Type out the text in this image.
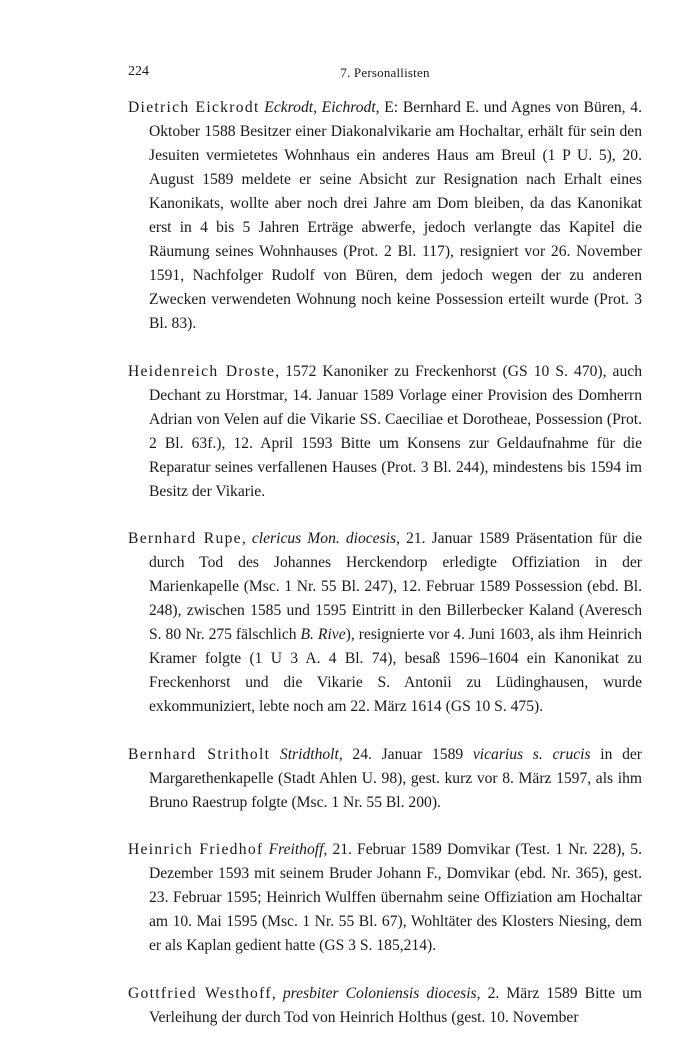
224	7. Personallisten

Dietrich Eickrodt Eckrodt, Eichrodt, E: Bernhard E. und Agnes von Büren, 4. Oktober 1588 Besitzer einer Diakonalvikarie am Hochaltar, erhält für sein den Jesuiten vermietetes Wohnhaus ein anderes Haus am Breul (1 P U. 5), 20. August 1589 meldete er seine Absicht zur Resignation nach Erhalt eines Kanonikats, wollte aber noch drei Jahre am Dom bleiben, da das Kanonikat erst in 4 bis 5 Jahren Erträge abwerfe, jedoch verlangte das Kapitel die Räumung seines Wohnhauses (Prot. 2 Bl. 117), resigniert vor 26. November 1591, Nachfolger Rudolf von Büren, dem jedoch wegen der zu anderen Zwecken verwendeten Wohnung noch keine Possession erteilt wurde (Prot. 3 Bl. 83).

Heidenreich Droste, 1572 Kanoniker zu Freckenhorst (GS 10 S. 470), auch Dechant zu Horstmar, 14. Januar 1589 Vorlage einer Provision des Domherrn Adrian von Velen auf die Vikarie SS. Caeciliae et Dorotheae, Possession (Prot. 2 Bl. 63f.), 12. April 1593 Bitte um Konsens zur Geldaufnahme für die Reparatur seines verfallenen Hauses (Prot. 3 Bl. 244), mindestens bis 1594 im Besitz der Vikarie.

Bernhard Rupe, clericus Mon. diocesis, 21. Januar 1589 Präsentation für die durch Tod des Johannes Herckendorp erledigte Offiziation in der Marienkapelle (Msc. 1 Nr. 55 Bl. 247), 12. Februar 1589 Possession (ebd. Bl. 248), zwischen 1585 und 1595 Eintritt in den Billerbecker Kaland (Averesch S. 80 Nr. 275 fälschlich B. Rive), resignierte vor 4. Juni 1603, als ihm Heinrich Kramer folgte (1 U 3 A. 4 Bl. 74), besaß 1596–1604 ein Kanonikat zu Freckenhorst und die Vikarie S. Antonii zu Lüdinghausen, wurde exkommuniziert, lebte noch am 22. März 1614 (GS 10 S. 475).

Bernhard Stritholt Stridtholt, 24. Januar 1589 vicarius s. crucis in der Margarethenkapelle (Stadt Ahlen U. 98), gest. kurz vor 8. März 1597, als ihm Bruno Raestrup folgte (Msc. 1 Nr. 55 Bl. 200).

Heinrich Friedhof Freithoff, 21. Februar 1589 Domvikar (Test. 1 Nr. 228), 5. Dezember 1593 mit seinem Bruder Johann F., Domvikar (ebd. Nr. 365), gest. 23. Februar 1595; Heinrich Wulffen übernahm seine Offiziation am Hochaltar am 10. Mai 1595 (Msc. 1 Nr. 55 Bl. 67), Wohltäter des Klosters Niesing, dem er als Kaplan gedient hatte (GS 3 S. 185,214).

Gottfried Westhoff, presbiter Coloniensis diocesis, 2. März 1589 Bitte um Verleihung der durch Tod von Heinrich Holthus (gest. 10. November
